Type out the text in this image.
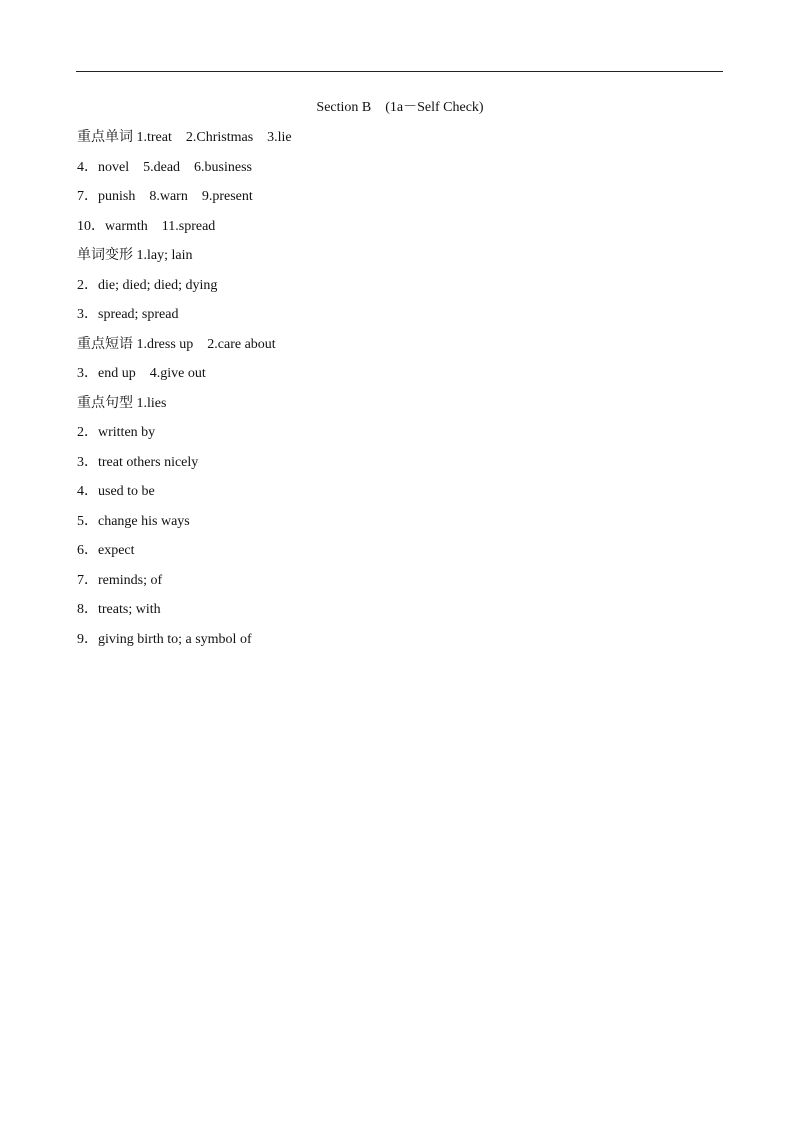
Section B　(1a－Self Check)
重点单词 1.treat　2.Christmas　3.lie
4．novel　5.dead　6.business
7．punish　8.warn　9.present
10．warmth　11.spread
单词变形 1.lay; lain
2．die; died; died; dying
3．spread; spread
重点短语 1.dress up　2.care about
3．end up　4.give out
重点句型 1.lies
2．written by
3．treat others nicely
4．used to be
5．change his ways
6．expect
7．reminds; of
8．treats; with
9．giving birth to; a symbol of
